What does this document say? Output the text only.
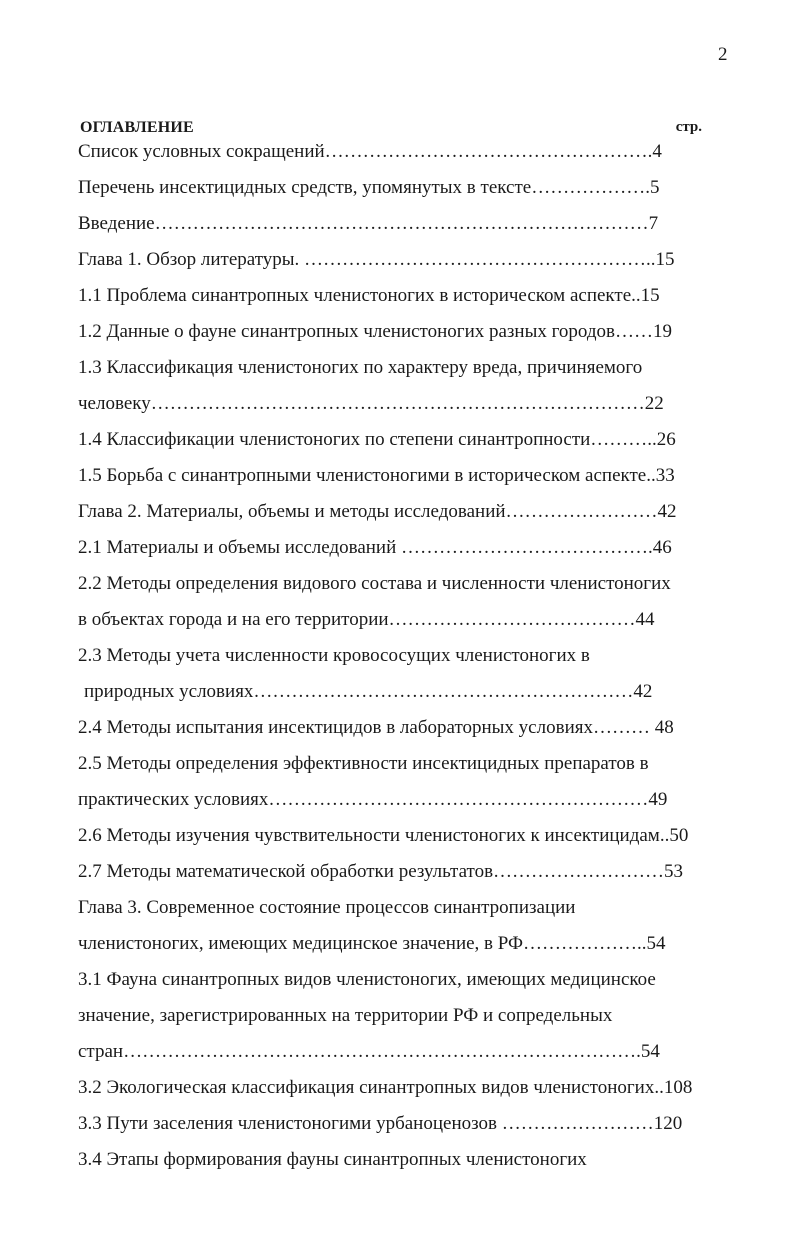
2
ОГЛАВЛЕНИЕ	стр.
Список условных сокращений…………………………………………….4
Перечень инсектицидных средств, упомянутых в тексте……………….5
Введение……………………………………………………………………7
Глава 1. Обзор литературы. ………………………………………………..15
1.1 Проблема синантропных членистоногих в историческом аспекте..15
1.2 Данные о фауне синантропных членистоногих разных городов……19
1.3 Классификация членистоногих по характеру вреда, причиняемого
человеку……………………………………………………………………22
1.4 Классификации членистоногих по степени синантропности………..26
1.5 Борьба с синантропными членистоногими в историческом аспекте..33
Глава 2. Материалы, объемы и методы исследований……………………42
2.1 Материалы и объемы исследований ………………………………….46
2.2 Методы определения видового состава и численности членистоногих
в объектах города и на его территории…………………………………44
2.3 Методы учета численности кровососущих членистоногих в
природных условиях……………………………………………………42
2.4 Методы испытания инсектицидов в лабораторных условиях……… 48
2.5 Методы определения эффективности инсектицидных препаратов в
практических условиях……………………………………………………49
2.6 Методы изучения чувствительности членистоногих к инсектицидам..50
2.7 Методы математической обработки результатов………………………53
Глава 3. Современное состояние процессов синантропизации
членистоногих, имеющих медицинское значение, в РФ………………..54
3.1 Фауна синантропных видов членистоногих, имеющих медицинское
значение, зарегистрированных на территории РФ и сопредельных
стран……………………………………………………………………….54
3.2 Экологическая классификация синантропных видов членистоногих..108
3.3 Пути заселения членистоногими урбаноценозов ……………………120
3.4 Этапы формирования фауны синантропных членистоногих
